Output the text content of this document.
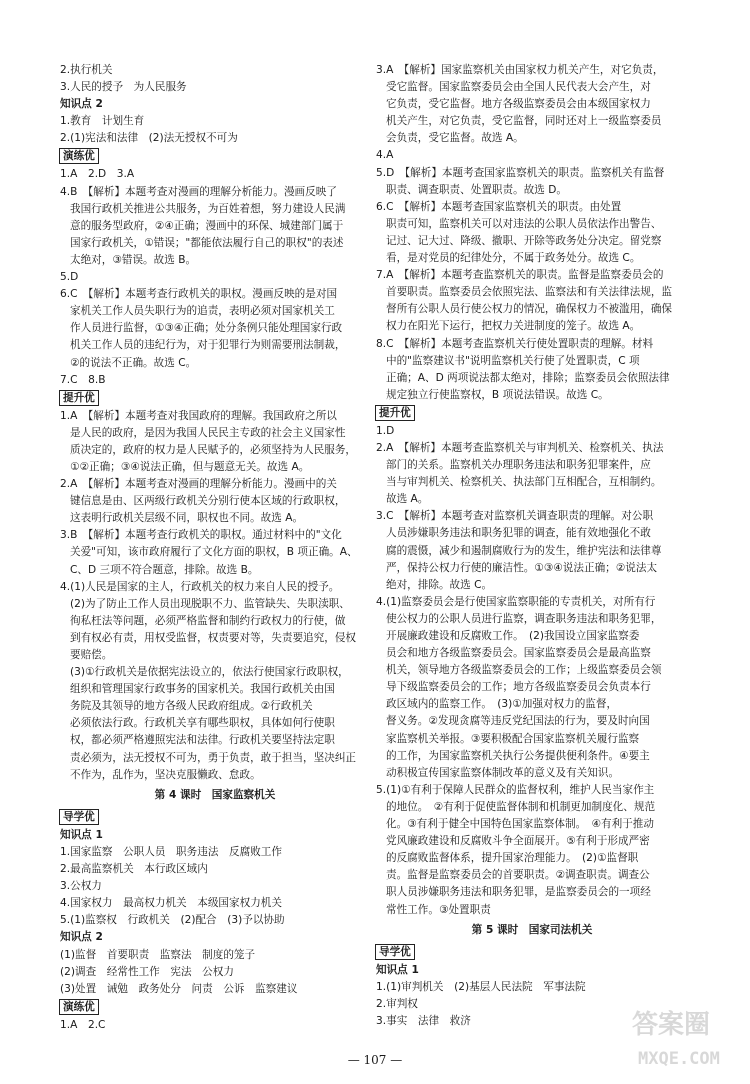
2.执行机关
3.人民的授予　为人民服务
知识点 2
1.教育　计划生育
2.(1)宪法和法律　(2)法无授权不可为
演练优
1.A　2.D　3.A
4.B　【解析】本题考查对漫画的理解分析能力。漫画反映了
我国行政机关推进公共服务，为百姓着想，努力建设人民满
意的服务型政府，②④正确；漫画中的环保、城建部门属于
国家行政机关，①错误；"都能依法履行自己的职权"的表述
太绝对，③错误。故选 B。
5.D
6.C　【解析】本题考查行政机关的职权。漫画反映的是对国
家机关工作人员失职行为的追责，表明必须对国家机关工
作人员进行监督，①③④正确；处分条例只能处理国家行政
机关工作人员的违纪行为，对于犯罪行为则需要刑法制裁，
②的说法不正确。故选 C。
7.C　8.B
提升优
1.A　【解析】本题考查对我国政府的理解。我国政府之所以
是人民的政府，是因为我国人民民主专政的社会主义国家性
质决定的，政府的权力是人民赋予的，必须坚持为人民服务，
①②正确；③④说法正确，但与题意无关。故选 A。
2.A　【解析】本题考查对漫画的理解分析能力。漫画中的关
键信息是由、区两级行政机关分别行使本区域的行政职权，
这表明行政机关层级不同，职权也不同。故选 A。
3.B　【解析】本题考查行政机关的职权。通过材料中的"文化
关爱"可知，该市政府履行了文化方面的职权，B 项正确。A、
C、D 三项不符合题意，排除。故选 B。
4.(1)人民是国家的主人，行政机关的权力来自人民的授予。
(2)为了防止工作人员出现脱职不力、监管缺失、失职渎职、
徇私枉法等问题，必须严格监督和制约行政权力的行使，做
到有权必有责，用权受监督，权责要对等，失责要追究，侵权
要赔偿。
(3)①行政机关是依据宪法设立的，依法行使国家行政职权，
组织和管理国家行政事务的国家机关。我国行政机关由国
务院及其领导的地方各级人民政府组成。②行政机关
必须依法行政。行政机关享有哪些职权，具体如何行使职
权，都必须严格遵照宪法和法律。行政机关要坚持法定职
责必须为，法无授权不可为，勇于负责，敢于担当，坚决纠正
不作为，乱作为，坚决克服懒政、怠政。
第 4 课时　国家监察机关
导学优
知识点 1
1.国家监察　公职人员　职务违法　反腐败工作
2.最高监察机关　本行政区域内
3.公权力
4.国家权力　最高权力机关　本级国家权力机关
5.(1)监察权　行政机关　(2)配合　(3)予以协助
知识点 2
(1)监督　首要职责　监察法　制度的笼子
(2)调查　经常性工作　宪法　公权力
(3)处置　诫勉　政务处分　问责　公诉　监察建议
演练优
1.A　2.C
3.A　【解析】国家监察机关由国家权力机关产生，对它负责，
受它监督。国家监察委员会由全国人民代表大会产生，对
它负责，受它监督。地方各级监察委员会由本级国家权力
机关产生，对它负责，受它监督，同时还对上一级监察委员
会负责，受它监督。故选 A。
4.A
5.D　【解析】本题考查国家监察机关的职责。监察机关有监督
职责、调查职责、处置职责。故选 D。
6.C　【解析】本题考查国家监察机关的职责。由处置
职责可知，监察机关可以对违法的公职人员依法作出警告、
记过、记大过、降级、撤职、开除等政务处分决定。留党察
看，是对党员的纪律处分，不属于政务处分。故选 C。
7.A　【解析】本题考查监察机关的职责。监督是监察委员会的
首要职责。监察委员会依照宪法、监察法和有关法律法规，监
督所有公职人员行使公权力的情况，确保权力不被滥用，确保
权力在阳光下运行，把权力关进制度的笼子。故选 A。
8.C　【解析】本题考查监察机关行使处置职责的理解。材料
中的"监察建议书"说明监察机关行使了处置职责，C 项
正确；A、D 两项说法都太绝对，排除；监察委员会依照法律
规定独立行使监察权，B 项说法错误。故选 C。
提升优
1.D
2.A　【解析】本题考查监察机关与审判机关、检察机关、执法
部门的关系。监察机关办理职务违法和职务犯罪案件，应
当与审判机关、检察机关、执法部门互相配合，互相制约。
故选 A。
3.C　【解析】本题考查对监察机关调查职责的理解。对公职
人员涉嫌职务违法和职务犯罪的调查，能有效地强化不敢
腐的震慑，减少和遏制腐败行为的发生，维护宪法和法律尊
严，保持公权力行使的廉洁性。①③④说法正确；②说法太
绝对，排除。故选 C。
4.(1)监察委员会是行使国家监察职能的专责机关，对所有行
使公权力的公职人员进行监察，调查职务违法和职务犯罪，
开展廉政建设和反腐败工作。　(2)我国设立国家监察委
员会和地方各级监察委员会。国家监察委员会是最高监察
机关，领导地方各级监察委员会的工作；上级监察委员会领
导下级监察委员会的工作；地方各级监察委员会负责本行
政区域内的监察工作。　(3)①加强对权力的监督，
督义务。②发现贪腐等违反党纪国法的行为，要及时向国
家监察机关举报。③要积极配合国家监察机关履行监察
的工作，为国家监察机关执行公务提供便利条件。④要主
动积极宣传国家监察体制改革的意义及有关知识。
5.(1)①有利于保障人民群众的监督权利，维护人民当家作主
的地位。　②有利于促使监督体制和机制更加制度化、规范
化。③有利于健全中国特色国家监察体制。　④有利于推动
党风廉政建设和反腐败斗争全面展开。⑤有利于形成严密
的反腐败监督体系，提升国家治理能力。　(2)①监督职
责。监督是监察委员会的首要职责。②调查职责。调查公
职人员涉嫌职务违法和职务犯罪，是监察委员会的一项经
常性工作。③处置职责
第 5 课时　国家司法机关
导学优
知识点 1
1.(1)审判机关　(2)基层人民法院　军事法院
2.审判权
3.事实　法律　救济
— 107 —
答案圈
MXQE.COM
